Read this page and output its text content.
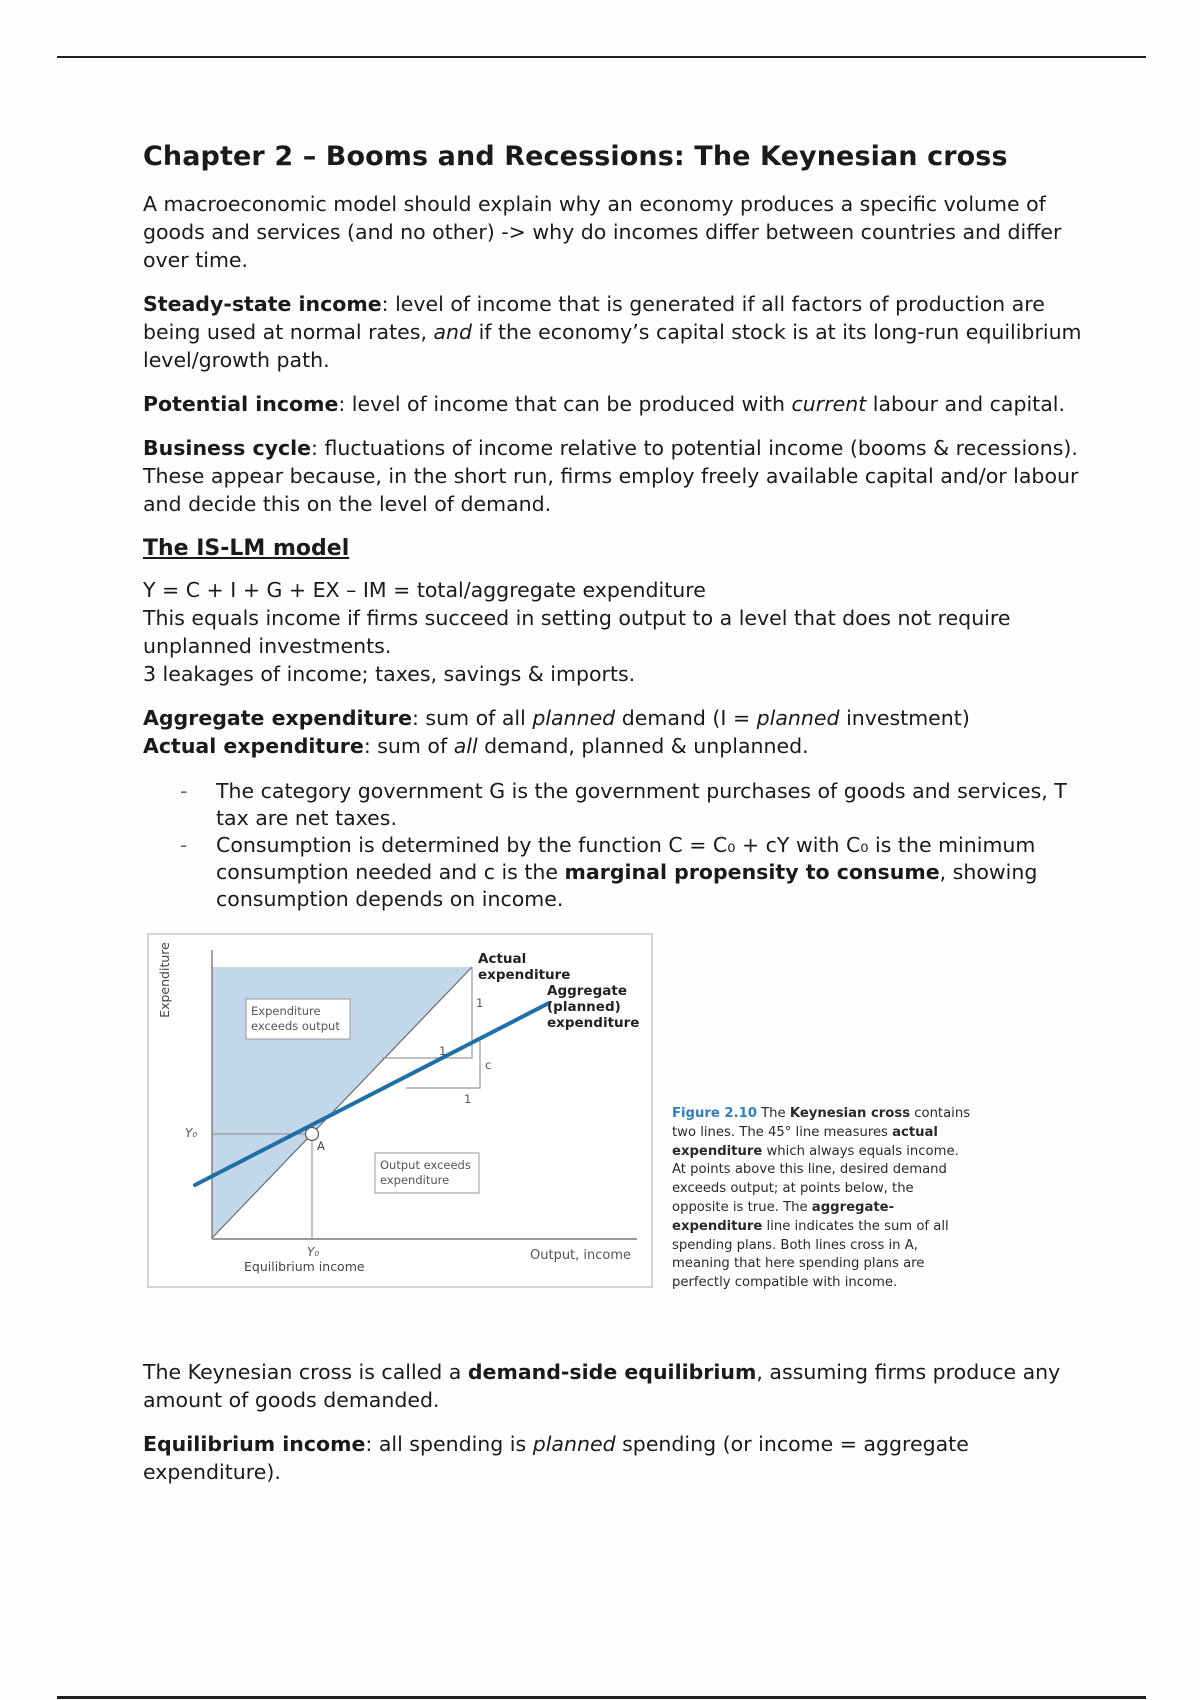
Chapter 2 – Booms and Recessions: The Keynesian cross

A macroeconomic model should explain why an economy produces a specific volume of goods and services (and no other) -> why do incomes differ between countries and differ over time.

Steady-state income: level of income that is generated if all factors of production are being used at normal rates, and if the economy’s capital stock is at its long-run equilibrium level/growth path.

Potential income: level of income that can be produced with current labour and capital.

Business cycle: fluctuations of income relative to potential income (booms & recessions). These appear because, in the short run, firms employ freely available capital and/or labour and decide this on the level of demand.

The IS-LM model

Y = C + I + G + EX – IM = total/aggregate expenditure

This equals income if firms succeed in setting output to a level that does not require unplanned investments.

3 leakages of income; taxes, savings & imports.

Aggregate expenditure: sum of all planned demand (I = planned investment)

Actual expenditure: sum of all demand, planned & unplanned.

- The category government G is the government purchases of goods and services, T tax are net taxes.
- Consumption is determined by the function C = C₀ + cY with C₀ is the minimum consumption needed and c is the marginal propensity to consume, showing consumption depends on income.
Expenditure
Y₀
A
Y₀
Equilibrium income
Output, income
Actual
expenditure
Aggregate
(planned)
expenditure
1
1
c
1
Expenditure
exceeds output
Output exceeds
expenditure
Figure 2.10 The Keynesian cross contains two lines. The 45° line measures actual expenditure which always equals income. At points above this line, desired demand exceeds output; at points below, the opposite is true. The aggregate-expenditure line indicates the sum of all spending plans. Both lines cross in A, meaning that here spending plans are perfectly compatible with income.

The Keynesian cross is called a demand-side equilibrium, assuming firms produce any amount of goods demanded.

Equilibrium income: all spending is planned spending (or income = aggregate expenditure).
